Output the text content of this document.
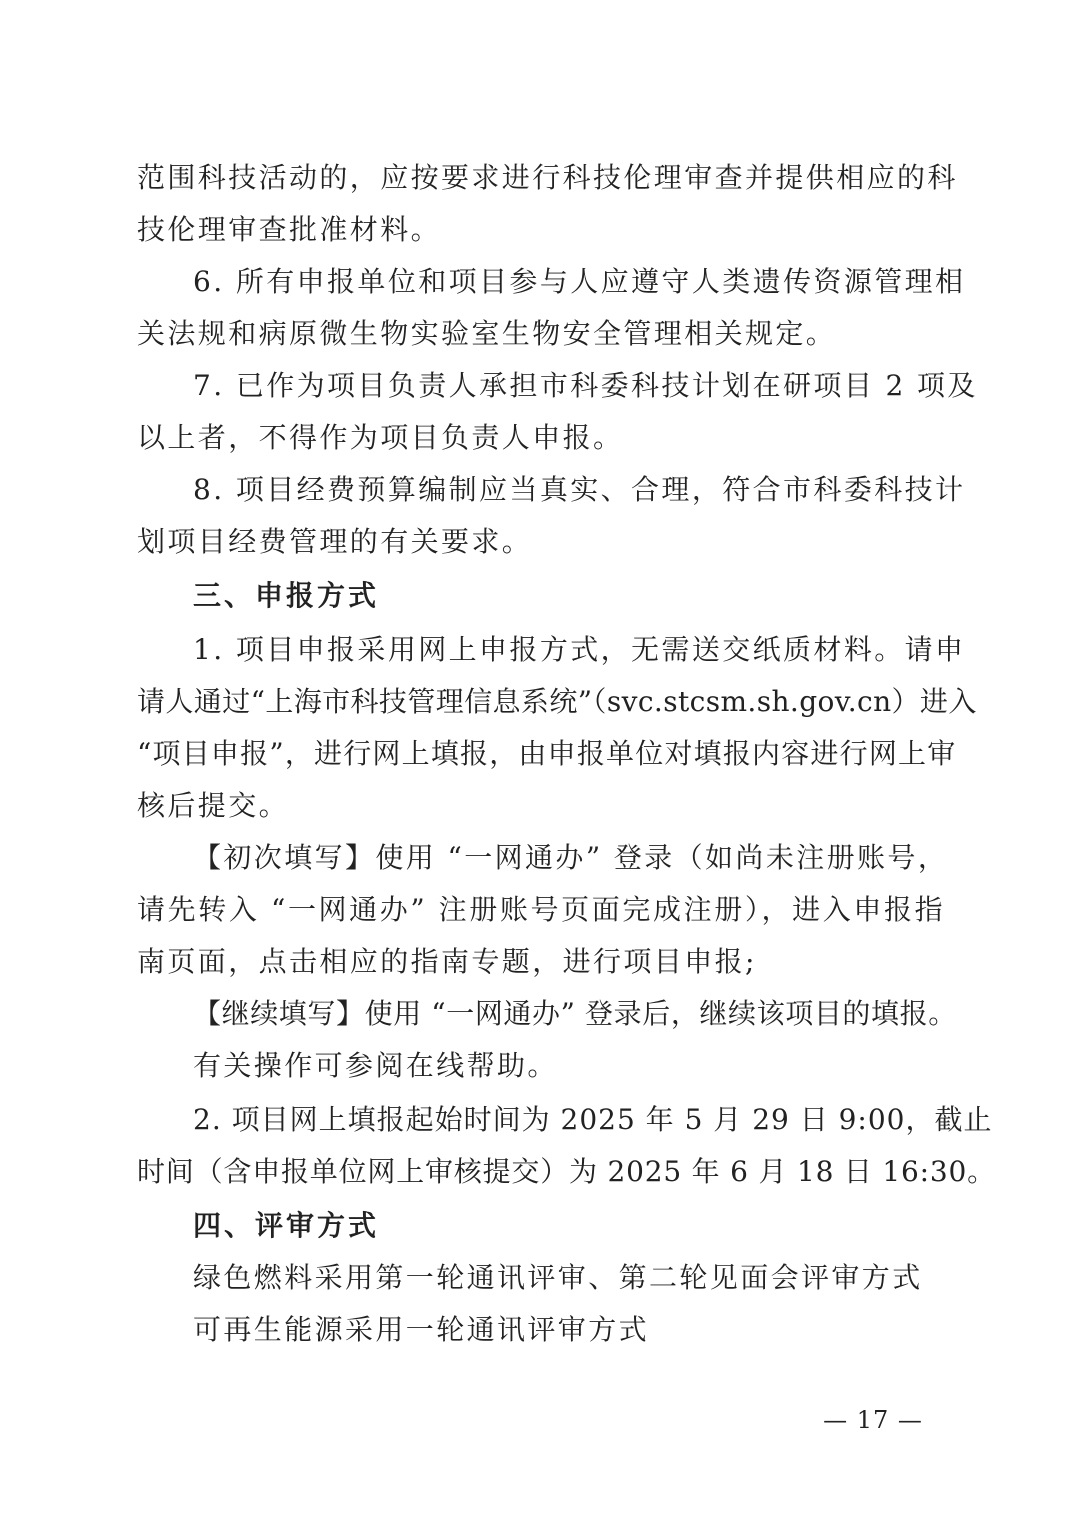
范围科技活动的，应按要求进行科技伦理审查并提供相应的科
技伦理审查批准材料。
6. 所有申报单位和项目参与人应遵守人类遗传资源管理相
关法规和病原微生物实验室生物安全管理相关规定。
7. 已作为项目负责人承担市科委科技计划在研项目 2 项及
以上者，不得作为项目负责人申报。
8. 项目经费预算编制应当真实、合理，符合市科委科技计
划项目经费管理的有关要求。
三、申报方式
1. 项目申报采用网上申报方式，无需送交纸质材料。请申
请人通过“上海市科技管理信息系统”（svc.stcsm.sh.gov.cn）进入
“项目申报”，进行网上填报，由申报单位对填报内容进行网上审
核后提交。
【初次填写】使用 “一网通办” 登录（如尚未注册账号，
请先转入 “一网通办” 注册账号页面完成注册），进入申报指
南页面，点击相应的指南专题，进行项目申报;
【继续填写】使用 “一网通办” 登录后，继续该项目的填报。
有关操作可参阅在线帮助。
2. 项目网上填报起始时间为 2025 年 5 月 29 日 9:00，截止
时间（含申报单位网上审核提交）为 2025 年 6 月 18 日 16:30。
四、评审方式
绿色燃料采用第一轮通讯评审、第二轮见面会评审方式
可再生能源采用一轮通讯评审方式
— 17 —
